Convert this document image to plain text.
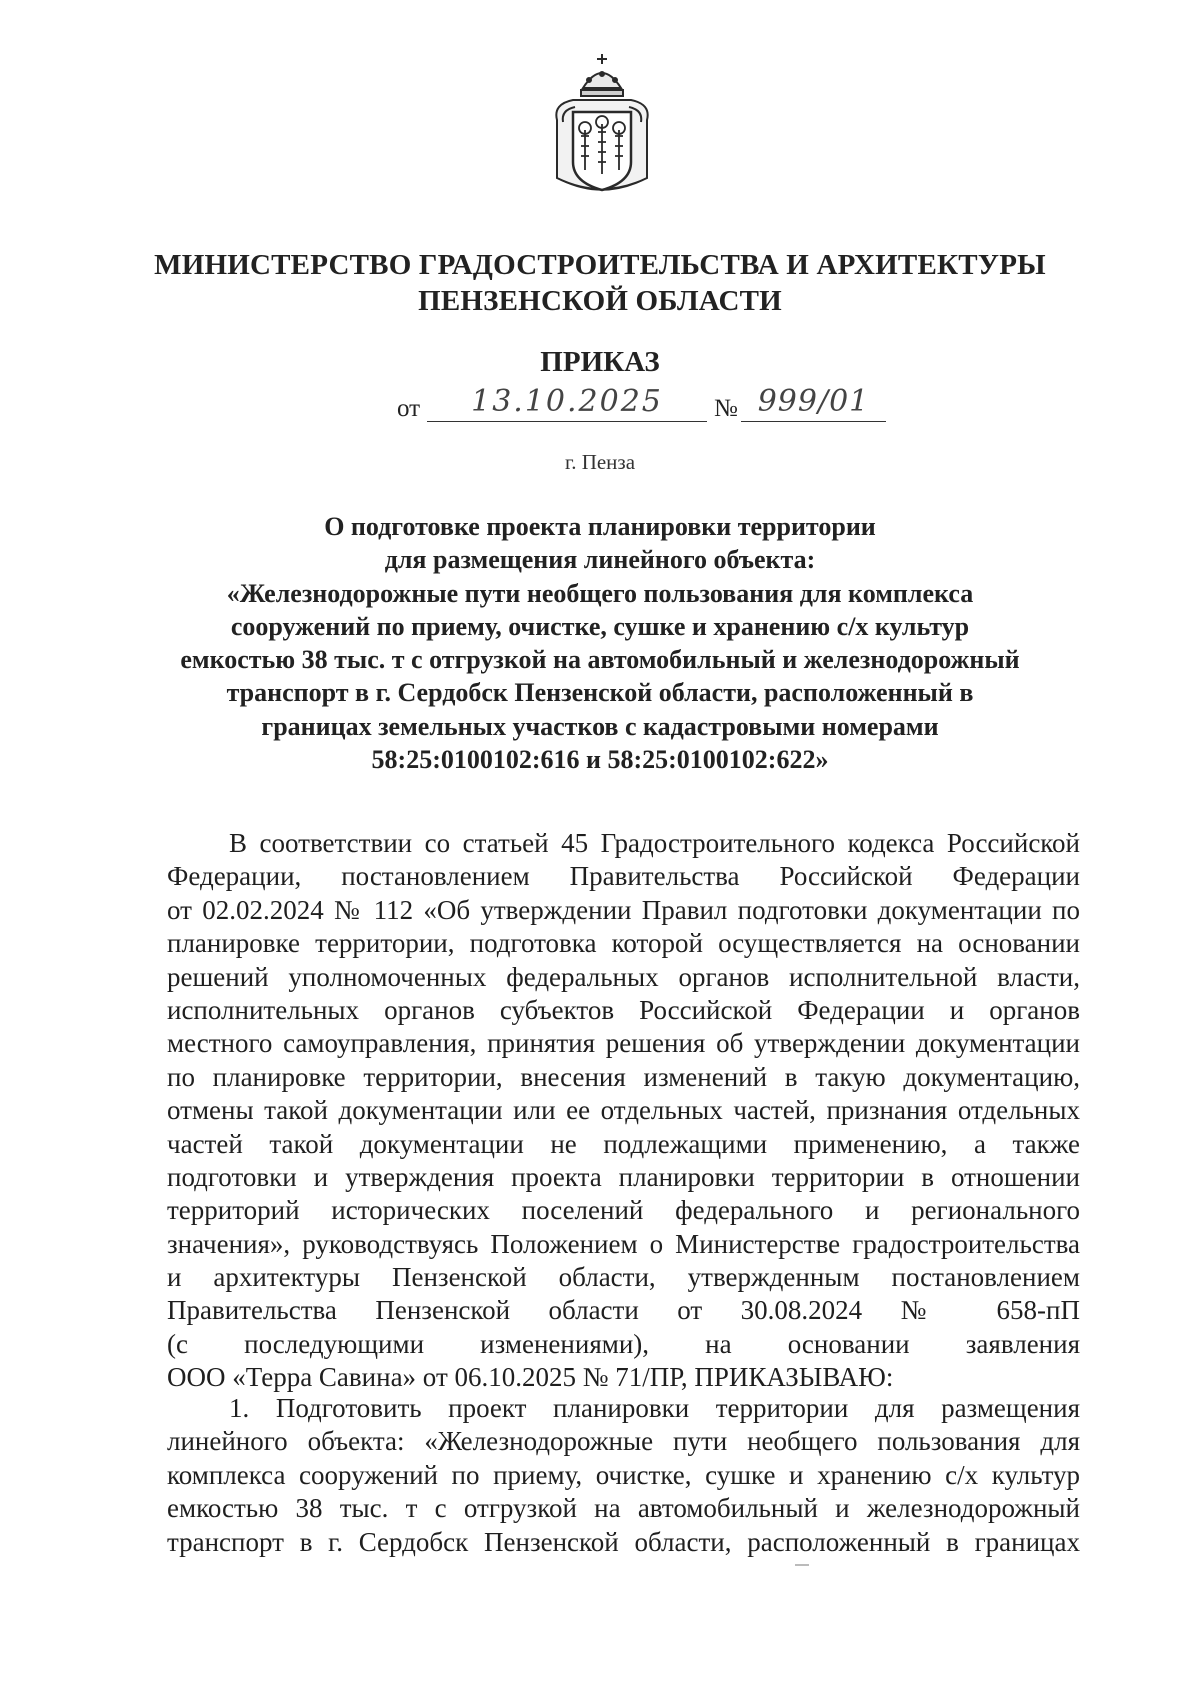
МИНИСТЕРСТВО ГРАДОСТРОИТЕЛЬСТВА И АРХИТЕКТУРЫ
ПЕНЗЕНСКОЙ ОБЛАСТИ
ПРИКАЗ
от	13.10.2025	№ 999/01
г. Пенза
О подготовке проекта планировки территории
для размещения линейного объекта:
«Железнодорожные пути необщего пользования для комплекса
сооружений по приему, очистке, сушке и хранению с/х культур
емкостью 38 тыс. т с отгрузкой на автомобильный и железнодорожный
транспорт в г. Сердобск Пензенской области, расположенный в
границах земельных участков с кадастровыми номерами
58:25:0100102:616 и 58:25:0100102:622»
В соответствии со статьей 45 Градостроительного кодекса Российской
Федерации, постановлением Правительства Российской Федерации
от 02.02.2024 № 112 «Об утверждении Правил подготовки документации по
планировке территории, подготовка которой осуществляется на основании
решений уполномоченных федеральных органов исполнительной власти,
исполнительных органов субъектов Российской Федерации и органов
местного самоуправления, принятия решения об утверждении документации
по планировке территории, внесения изменений в такую документацию,
отмены такой документации или ее отдельных частей, признания отдельных
частей такой документации не подлежащими применению, а также
подготовки и утверждения проекта планировки территории в отношении
территорий исторических поселений федерального и регионального
значения», руководствуясь Положением о Министерстве градостроительства
и архитектуры Пензенской области, утвержденным постановлением
Правительства Пензенской области от 30.08.2024 № 658-пП
(с последующими изменениями), на основании заявления
ООО «Терра Савина» от 06.10.2025 № 71/ПР, ПРИКАЗЫВАЮ:
1. Подготовить проект планировки территории для размещения
линейного объекта: «Железнодорожные пути необщего пользования для
комплекса сооружений по приему, очистке, сушке и хранению с/х культур
емкостью 38 тыс. т с отгрузкой на автомобильный и железнодорожный
транспорт в г. Сердобск Пензенской области, расположенный в границах
